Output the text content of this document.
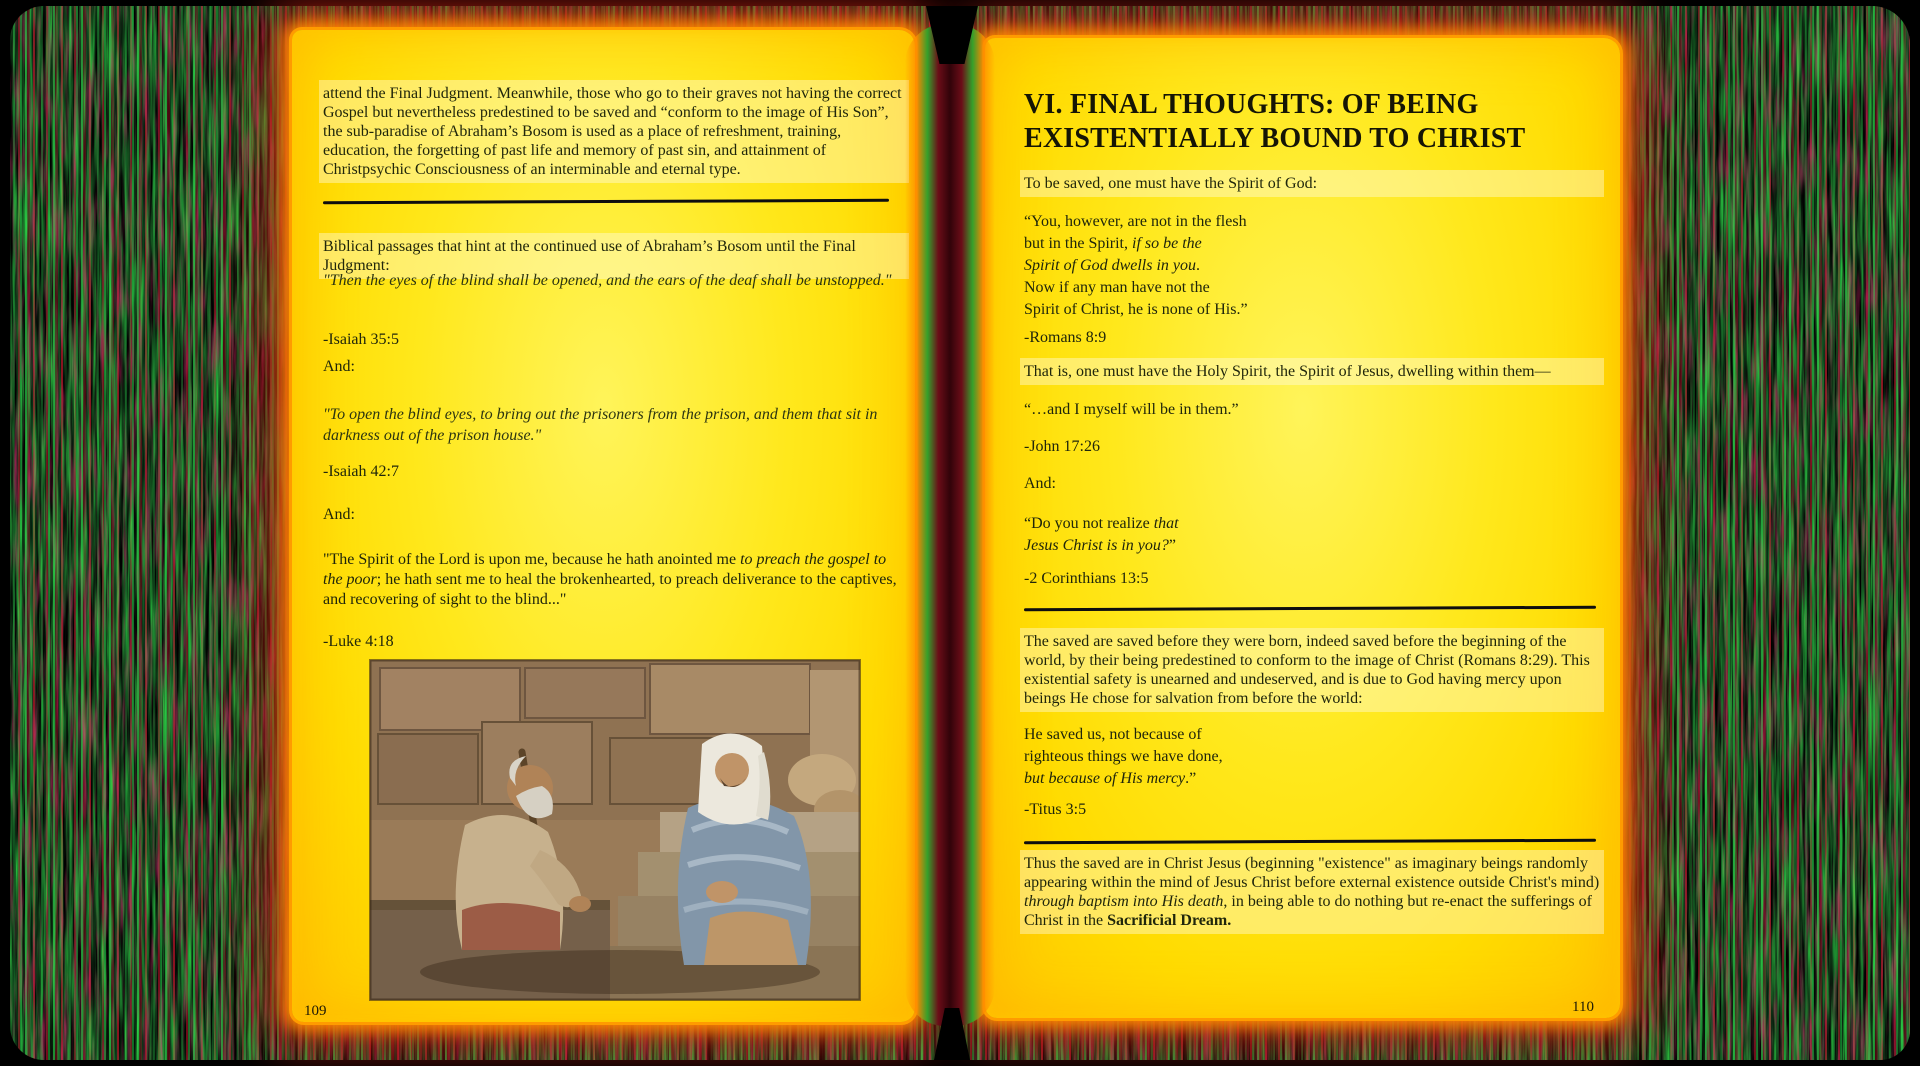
attend the Final Judgment. Meanwhile, those who go to their graves not having the correct Gospel but nevertheless predestined to be saved and “conform to the image of His Son”, the sub-paradise of Abraham’s Bosom is used as a place of refreshment, training, education, the forgetting of past life and memory of past sin, and attainment of Christpsychic Consciousness of an interminable and eternal type.

Biblical passages that hint at the continued use of Abraham’s Bosom until the Final Judgment:

"Then the eyes of the blind shall be opened, and the ears of the deaf shall be unstopped."

-Isaiah 35:5

And:

"To open the blind eyes, to bring out the prisoners from the prison, and them that sit in darkness out of the prison house."

-Isaiah 42:7

And:

"The Spirit of the Lord is upon me, because he hath anointed me to preach the gospel to the poor; he hath sent me to heal the brokenhearted, to preach deliverance to the captives, and recovering of sight to the blind..."

-Luke 4:18

109
VI. FINAL THOUGHTS: OF BEING
EXISTENTIALLY BOUND TO CHRIST

To be saved, one must have the Spirit of God:

“You, however, are not in the flesh
but in the Spirit, if so be the
Spirit of God dwells in you.
Now if any man have not the
Spirit of Christ, he is none of His.”

-Romans 8:9

That is, one must have the Holy Spirit, the Spirit of Jesus, dwelling within them—

“…and I myself will be in them.”

-John 17:26

And:

“Do you not realize that
Jesus Christ is in you?”

-2 Corinthians 13:5

The saved are saved before they were born, indeed saved before the beginning of the world, by their being predestined to conform to the image of Christ (Romans 8:29). This existential safety is unearned and undeserved, and is due to God having mercy upon beings He chose for salvation from before the world:

He saved us, not because of
righteous things we have done,
but because of His mercy.”

-Titus 3:5

Thus the saved are in Christ Jesus (beginning "existence" as imaginary beings randomly appearing within the mind of Jesus Christ before external existence outside Christ's mind) through baptism into His death, in being able to do nothing but re-enact the sufferings of Christ in the Sacrificial Dream.

110
